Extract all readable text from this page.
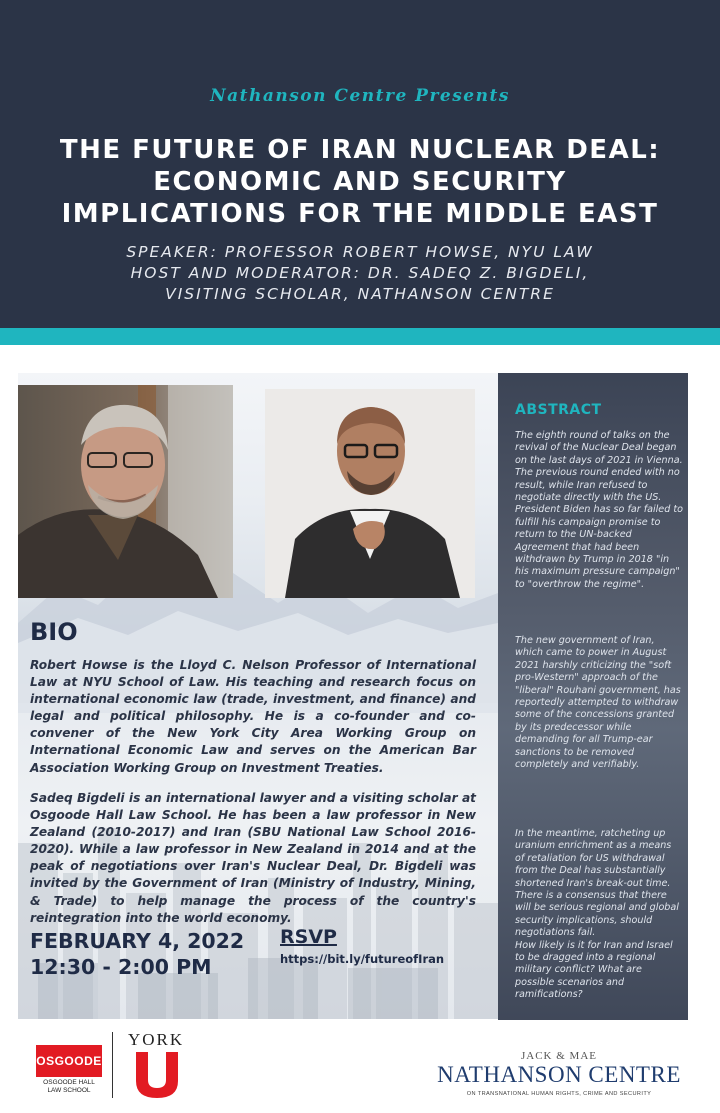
Nathanson Centre Presents
THE FUTURE OF IRAN NUCLEAR DEAL:
ECONOMIC AND SECURITY
IMPLICATIONS FOR THE MIDDLE EAST
SPEAKER: PROFESSOR ROBERT HOWSE, NYU LAW
HOST AND MODERATOR: DR. SADEQ Z. BIGDELI,
VISITING SCHOLAR, NATHANSON CENTRE
BIO
Robert Howse is the Lloyd C. Nelson Professor of International Law at NYU School of Law. His teaching and research focus on international economic law (trade, investment, and finance) and legal and political philosophy. He is a co-founder and co-convener of the New York City Area Working Group on International Economic Law and serves on the American Bar Association Working Group on Investment Treaties.
Sadeq Bigdeli is an international lawyer and a visiting scholar at Osgoode Hall Law School. He has been a law professor in New Zealand (2010-2017) and Iran (SBU National Law School 2016-2020). While a law professor in New Zealand in 2014 and at the peak of negotiations over Iran's Nuclear Deal, Dr. Bigdeli was invited by the Government of Iran (Ministry of Industry, Mining, & Trade) to help manage the process of the country's reintegration into the world economy.
FEBRUARY 4, 2022
12:30 - 2:00 PM
RSVP
https://bit.ly/futureofIran
ABSTRACT
The eighth round of talks on the revival of the Nuclear Deal began on the last days of 2021 in Vienna. The previous round ended with no result, while Iran refused to negotiate directly with the US. President Biden has so far failed to fulfill his campaign promise to return to the UN-backed Agreement that had been withdrawn by Trump in 2018 "in his maximum pressure campaign" to "overthrow the regime".
The new government of Iran, which came to power in August 2021 harshly criticizing the "soft pro-Western" approach of the "liberal" Rouhani government, has reportedly attempted to withdraw some of the concessions granted by its predecessor while demanding for all Trump-ear sanctions to be removed completely and verifiably.
In the meantime, ratcheting up uranium enrichment as a means of retaliation for US withdrawal from the Deal has substantially shortened Iran's break-out time. There is a consensus that there will be serious regional and global security implications, should negotiations fail.
How likely is it for Iran and Israel to be dragged into a regional military conflict? What are possible scenarios and ramifications?
OSGOODE
OSGOODE HALL
LAW SCHOOL
YORK
JACK & MAE
NATHANSON CENTRE
ON TRANSNATIONAL HUMAN RIGHTS, CRIME AND SECURITY
